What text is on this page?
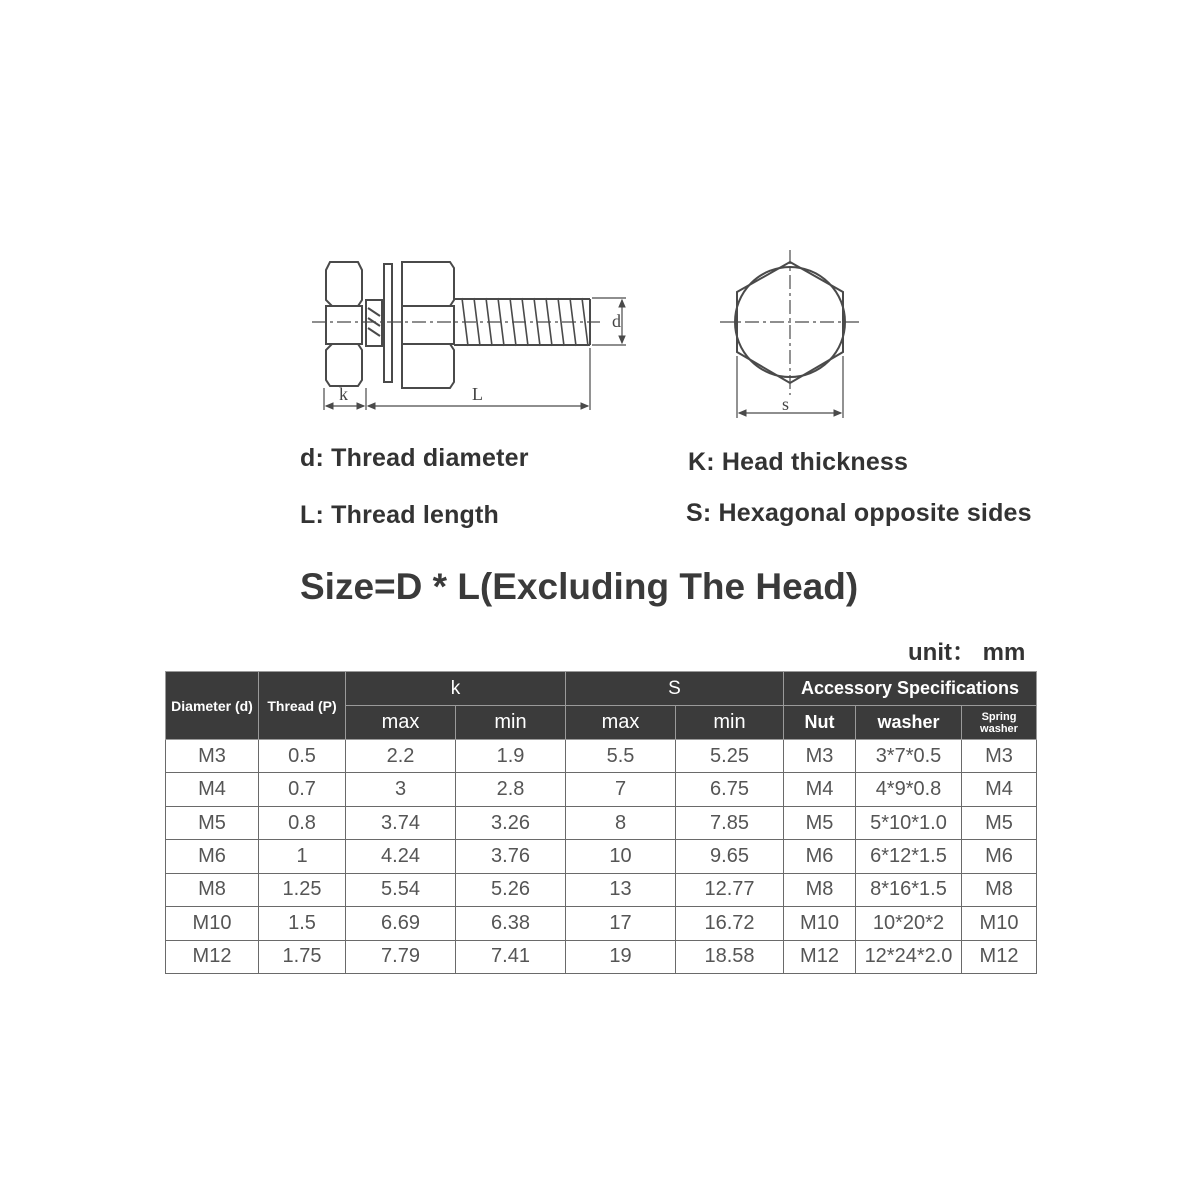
d
k	L	s
d: Thread diameter
L: Thread length
K: Head thickness
S: Hexagonal opposite sides
Size=D * L(Excluding The Head)
unit： mm
Diameter (d)	Thread (P)	k		S		Accessory Specifications		
		max	min	max	min	Nut	washer	Spring washer
M3	0.5	2.2	1.9	5.5	5.25	M3	3*7*0.5	M3
M4	0.7	3	2.8	7	6.75	M4	4*9*0.8	M4
M5	0.8	3.74	3.26	8	7.85	M5	5*10*1.0	M5
M6	1	4.24	3.76	10	9.65	M6	6*12*1.5	M6
M8	1.25	5.54	5.26	13	12.77	M8	8*16*1.5	M8
M10	1.5	6.69	6.38	17	16.72	M10	10*20*2	M10
M12	1.75	7.79	7.41	19	18.58	M12	12*24*2.0	M12
